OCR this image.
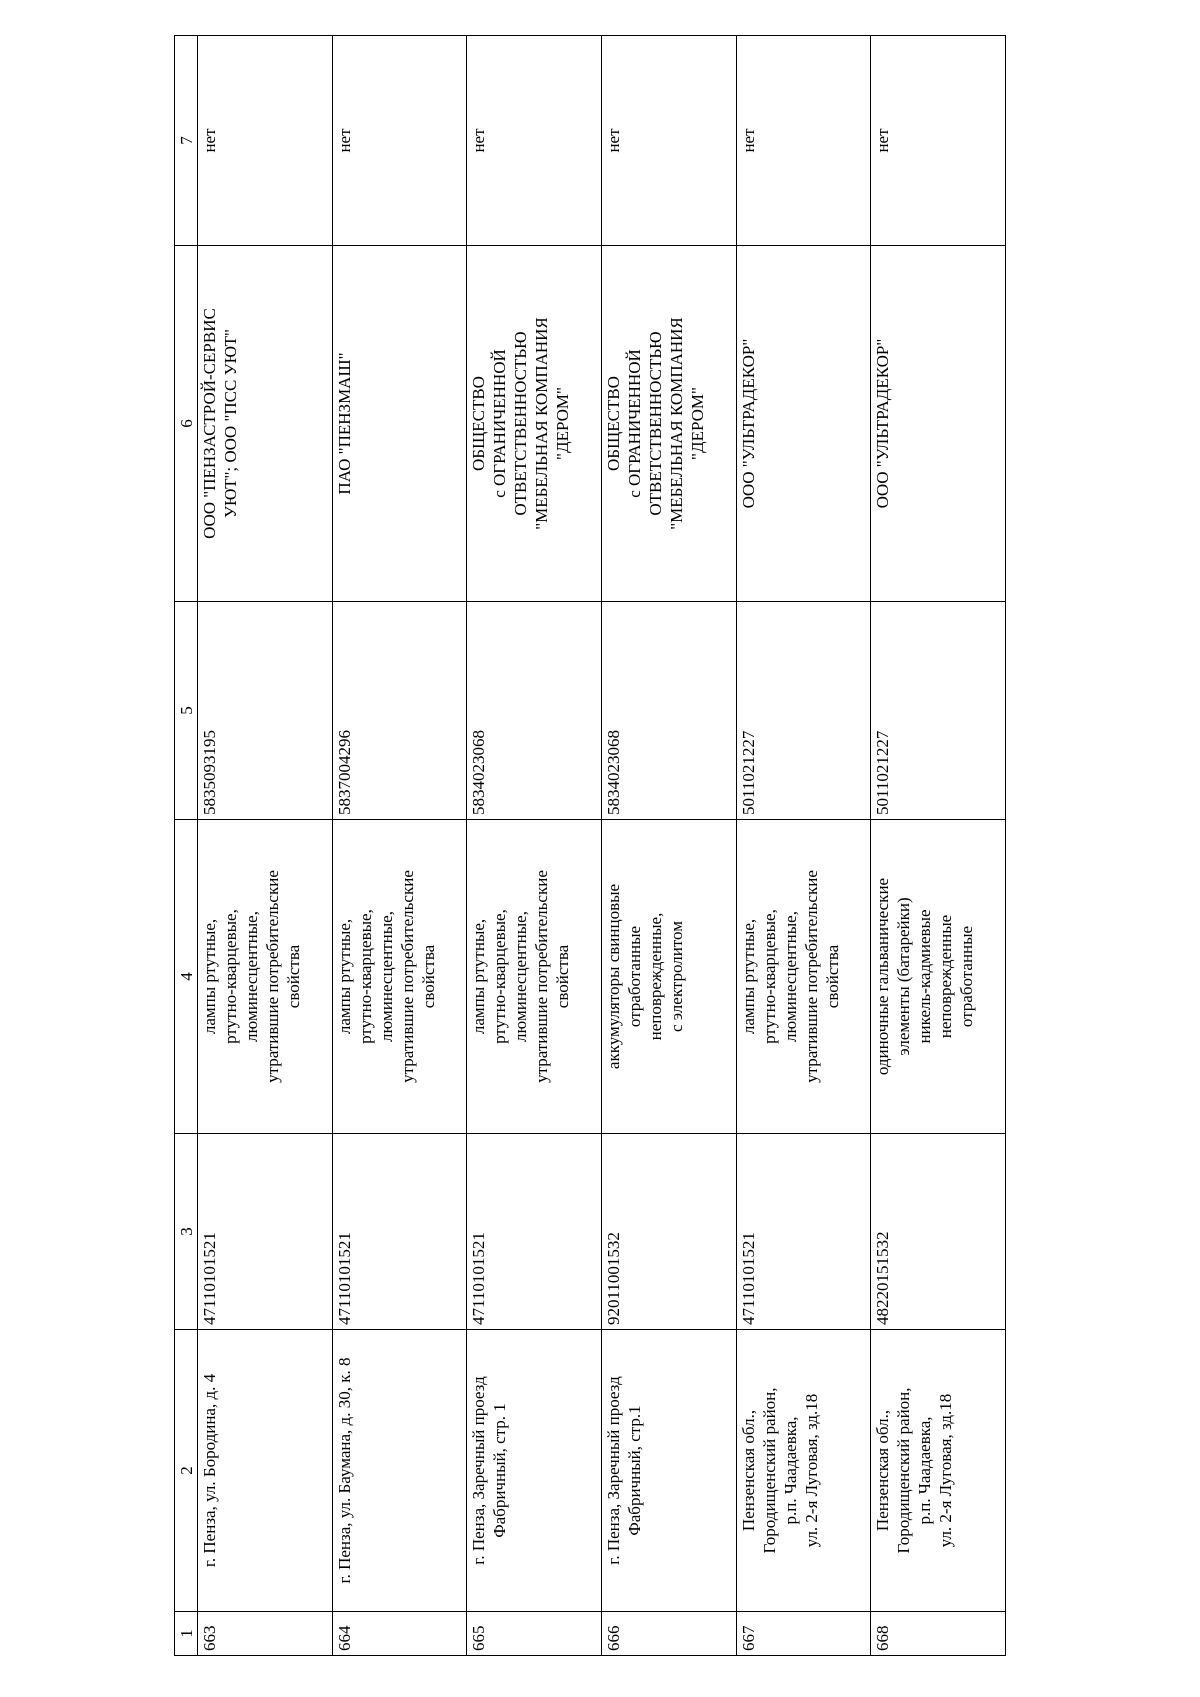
1	2	3	4	5	6	7
663	г. Пенза, ул. Бородина, д. 4	47110101521	лампы ртутные, ртутно-кварцевые, люминесцентные, утратившие потребительские свойства	5835093195	ООО "ПЕНЗАСТРОЙ-СЕРВИС УЮТ"; ООО "ПСС УЮТ"	нет
664	г. Пенза, ул. Баумана, д. 30, к. 8	47110101521	лампы ртутные, ртутно-кварцевые, люминесцентные, утратившие потребительские свойства	5837004296	ПАО "ПЕНЗМАШ"	нет
665	г. Пенза, Заречный проезд Фабричный, стр. 1	47110101521	лампы ртутные, ртутно-кварцевые, люминесцентные, утратившие потребительские свойства	5834023068	ОБЩЕСТВО с ОГРАНИЧЕННОЙ ОТВЕТСТВЕННОСТЬЮ "МЕБЕЛЬНАЯ КОМПАНИЯ "ДЕРОМ"	нет
666	г. Пенза, Заречный проезд Фабричный, стр.1	92011001532	аккумуляторы свинцовые отработанные неповрежденные, с электролитом	5834023068	ОБЩЕСТВО с ОГРАНИЧЕННОЙ ОТВЕТСТВЕННОСТЬЮ "МЕБЕЛЬНАЯ КОМПАНИЯ "ДЕРОМ"	нет
667	Пензенская обл., Городищенский район, р.п. Чаадаевка, ул. 2-я Луговая, зд.18	47110101521	лампы ртутные, ртутно-кварцевые, люминесцентные, утратившие потребительские свойства	5011021227	ООО "УЛЬТРАДЕКОР"	нет
668	Пензенская обл., Городищенский район, р.п. Чаадаевка, ул. 2-я Луговая, зд.18	48220151532	одиночные гальванические элементы (батарейки) никель-кадмиевые неповрежденные отработанные	5011021227	ООО "УЛЬТРАДЕКОР"	нет
